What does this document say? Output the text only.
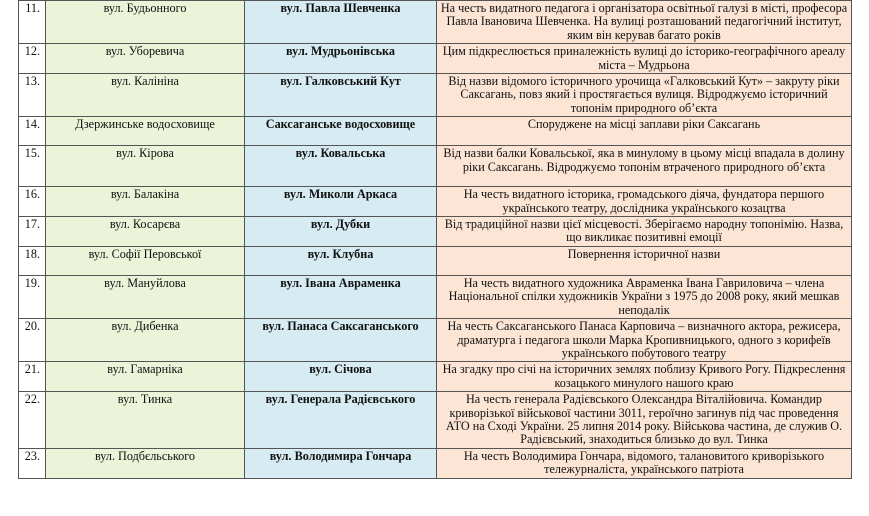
11.	вул. Будьонного	вул. Павла Шевченка	На честь видатного педагога і організатора освітньої галузі в місті, професора Павла Івановича Шевченка. На вулиці розташований педагогічний інститут, яким він керував багато років
12.	вул. Уборевича	вул. Мудрьонівська	Цим підкреслюється приналежність вулиці до історико-географічного ареалу міста – Мудрьона
13.	вул. Калініна	вул. Галковський Кут	Від назви відомого історичного урочища «Галковський Кут» – закруту ріки Саксагань, повз який і простягається вулиця. Відроджуємо історичний топонім природного об’єкта
14.	Дзержинське водосховище	Саксаганське водосховище	Споруджене на місці заплави ріки Саксагань
15.	вул. Кірова	вул. Ковальська	Від назви балки Ковальської, яка в минулому в цьому місці впадала в долину ріки Саксагань. Відроджуємо топонім втраченого природного об’єкта
16.	вул. Балакіна	вул. Миколи Аркаса	На честь видатного історика, громадського діяча, фундатора першого українського театру, дослідника українського козацтва
17.	вул. Косарєва	вул. Дубки	Від традиційної назви цієї місцевості. Зберігаємо народну топонімію. Назва, що викликає позитивні емоції
18.	вул. Софії Перовської	вул. Клубна	Повернення історичної назви
19.	вул. Мануйлова	вул. Івана Авраменка	На честь видатного художника Авраменка Івана Гавриловича – члена Національної спілки художників України з 1975 до 2008 року, який мешкав неподалік
20.	вул. Дибенка	вул. Панаса Саксаганського	На честь Саксаганського Панаса Карповича – визначного актора, режисера, драматурга і педагога школи Марка Кропивницького, одного з корифеїв українського побутового театру
21.	вул. Гамарніка	вул. Січова	На згадку про січі на історичних землях поблизу Кривого Рогу. Підкреслення козацького минулого нашого краю
22.	вул. Тинка	вул. Генерала Радієвського	На честь генерала Радієвського Олександра Віталійовича. Командир криворізької військової частини 3011, героїчно загинув під час проведення АТО на Сході України. 25 липня 2014 року. Військова частина, де служив О. Радієвський, знаходиться близько до вул. Тинка
23.	вул. Подбєльського	вул. Володимира Гончара	На честь Володимира Гончара, відомого, талановитого криворізького тележурналіста, українського патріота
